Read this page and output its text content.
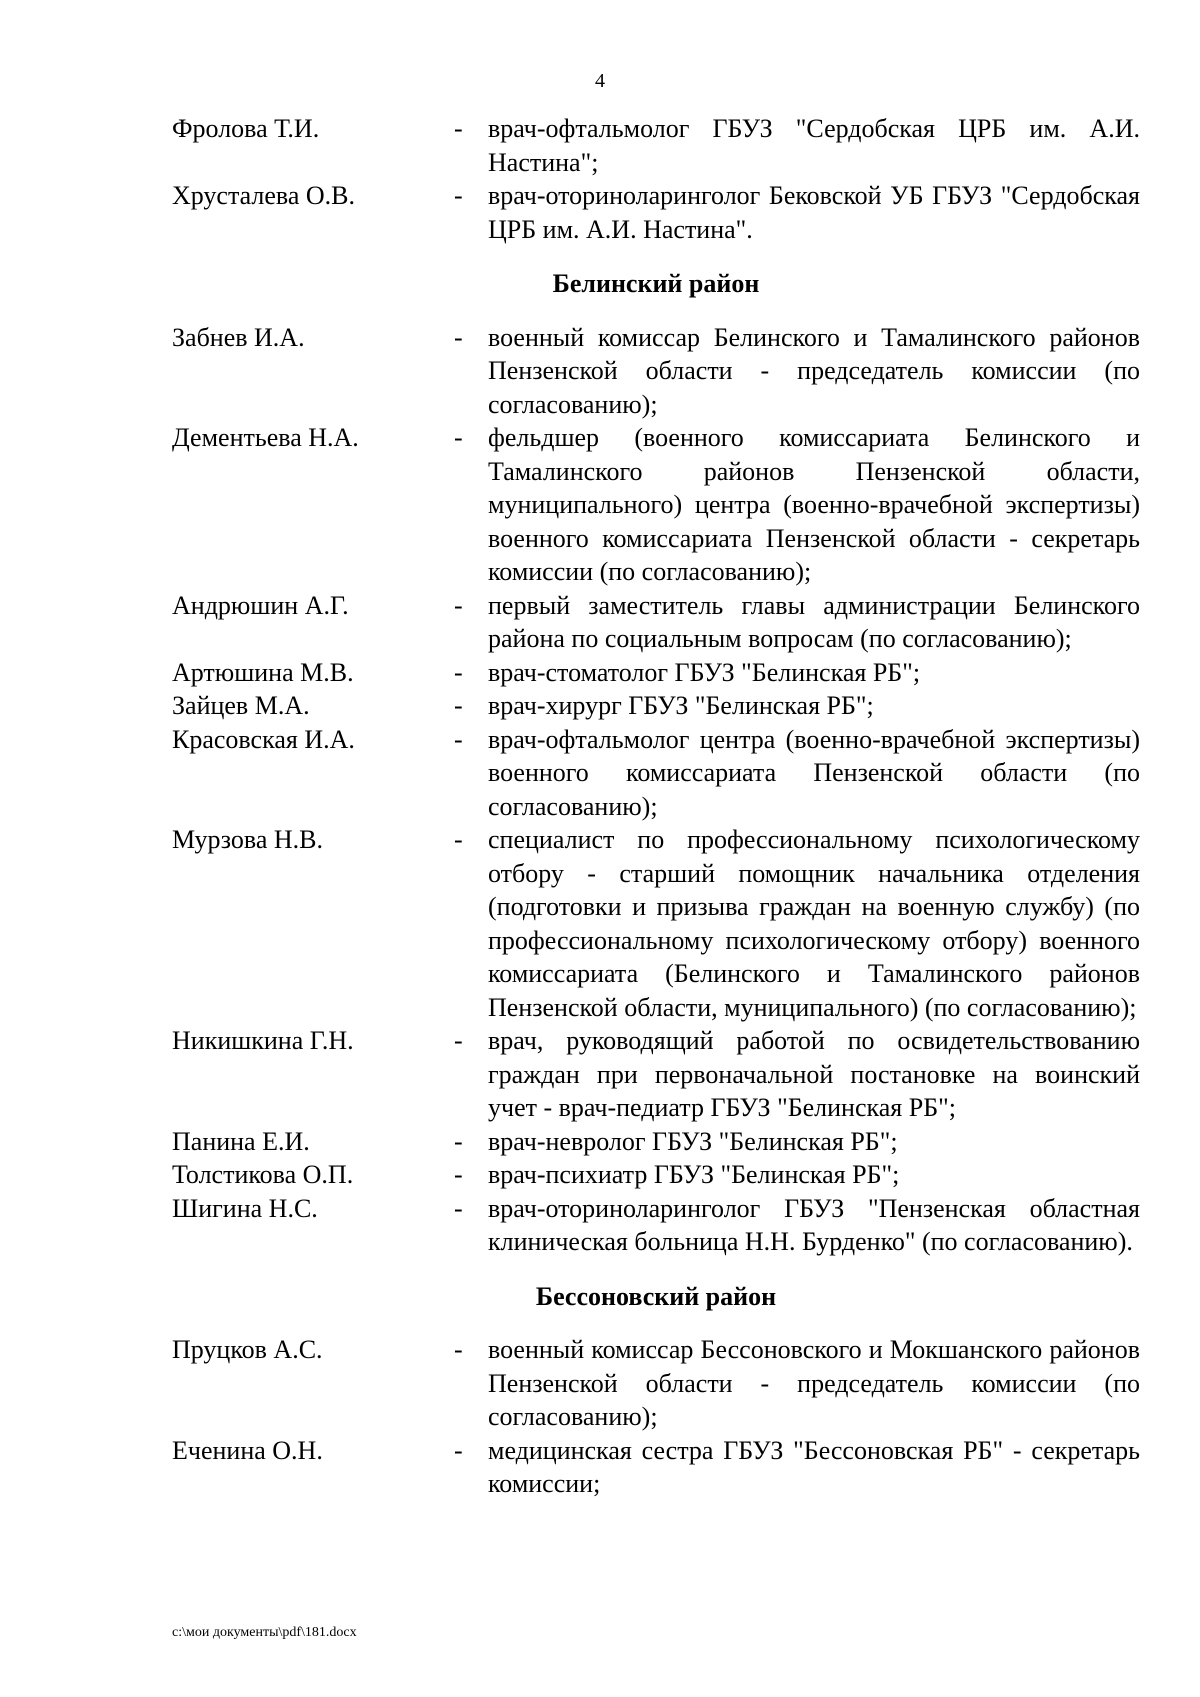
4
Фролова Т.И.	- врач-офтальмолог ГБУЗ "Сердобская ЦРБ им. А.И. Настина";
Хрусталева О.В.	- врач-оториноларинголог Бековской УБ ГБУЗ "Сердобская ЦРБ им. А.И. Настина".
Белинский район
Забнев И.А.	- военный комиссар Белинского и Тамалинского районов Пензенской области - председатель комиссии (по согласованию);
Дементьева Н.А.	- фельдшер (военного комиссариата Белинского и Тамалинского районов Пензенской области, муниципального) центра (военно-врачебной экспертизы) военного комиссариата Пензенской области - секретарь комиссии (по согласованию);
Андрюшин А.Г.	- первый заместитель главы администрации Белинского района по социальным вопросам (по согласованию);
Артюшина М.В.	- врач-стоматолог ГБУЗ "Белинская РБ";
Зайцев М.А.	- врач-хирург ГБУЗ "Белинская РБ";
Красовская И.А.	- врач-офтальмолог центра (военно-врачебной экспертизы) военного комиссариата Пензенской области (по согласованию);
Мурзова Н.В.	- специалист по профессиональному психологическому отбору - старший помощник начальника отделения (подготовки и призыва граждан на военную службу) (по профессиональному психологическому отбору) военного комиссариата (Белинского и Тамалинского районов Пензенской области, муниципального) (по согласованию);
Никишкина Г.Н.	- врач, руководящий работой по освидетельствованию граждан при первоначальной постановке на воинский учет - врач-педиатр ГБУЗ "Белинская РБ";
Панина Е.И.	- врач-невролог ГБУЗ "Белинская РБ";
Толстикова О.П.	- врач-психиатр ГБУЗ "Белинская РБ";
Шигина Н.С.	- врач-оториноларинголог ГБУЗ "Пензенская областная клиническая больница Н.Н. Бурденко" (по согласованию).
Бессоновский район
Пруцков А.С.	- военный комиссар Бессоновского и Мокшанского районов Пензенской области - председатель комиссии (по согласованию);
Еченина О.Н.	- медицинская сестра ГБУЗ "Бессоновская РБ" - секретарь комиссии;
c:\мои документы\pdf\181.docx
